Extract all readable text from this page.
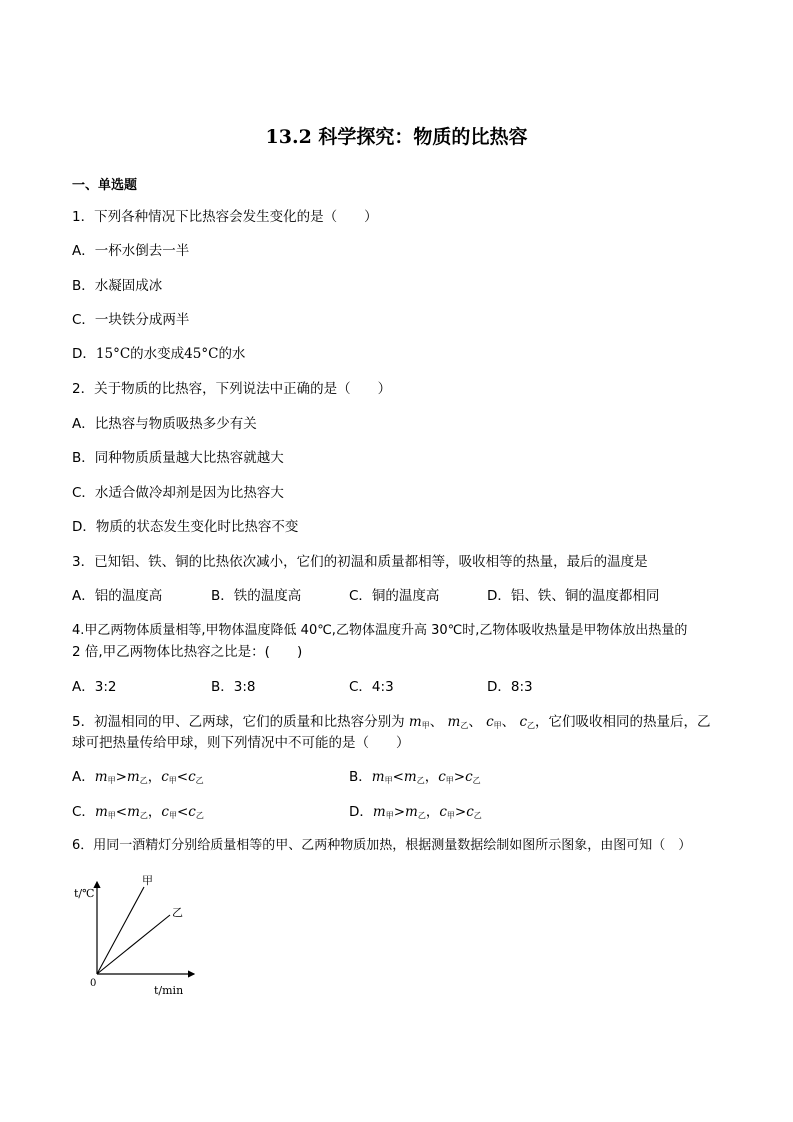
13.2 科学探究：物质的比热容
一、单选题
1．下列各种情况下比热容会发生变化的是（　　）
A．一杯水倒去一半
B．水凝固成冰
C．一块铁分成两半
D．15°C的水变成45°C的水
2．关于物质的比热容，下列说法中正确的是（　　）
A．比热容与物质吸热多少有关
B．同种物质质量越大比热容就越大
C．水适合做冷却剂是因为比热容大
D．物质的状态发生变化时比热容不变
3．已知铝、铁、铜的比热依次减小，它们的初温和质量都相等，吸收相等的热量，最后的温度是
A．铝的温度高	B．铁的温度高	C．铜的温度高	D．铝、铁、铜的温度都相同
4.甲乙两物体质量相等,甲物体温度降低 40℃,乙物体温度升高 30℃时,乙物体吸收热量是甲物体放出热量的
2 倍,甲乙两物体比热容之比是：(　　)
A．3:2	B．3:8	C．4:3	D．8:3
5．初温相同的甲、乙两球，它们的质量和比热容分别为 $m_甲$、 $m_乙$、 $c_甲$、 $c_乙$，它们吸收相同的热量后，乙
球可把热量传给甲球，则下列情况中不可能的是（　　）
A．$m_甲>m_乙$，$c_甲<c_乙$	B．$m_甲<m_乙$，$c_甲>c_乙$
C．$m_甲<m_乙$，$c_甲<c_乙$	D．$m_甲>m_乙$，$c_甲>c_乙$
6．用同一酒精灯分别给质量相等的甲、乙两种物质加热，根据测量数据绘制如图所示图象，由图可知（　）
t/℃
0
t/min
甲
乙
